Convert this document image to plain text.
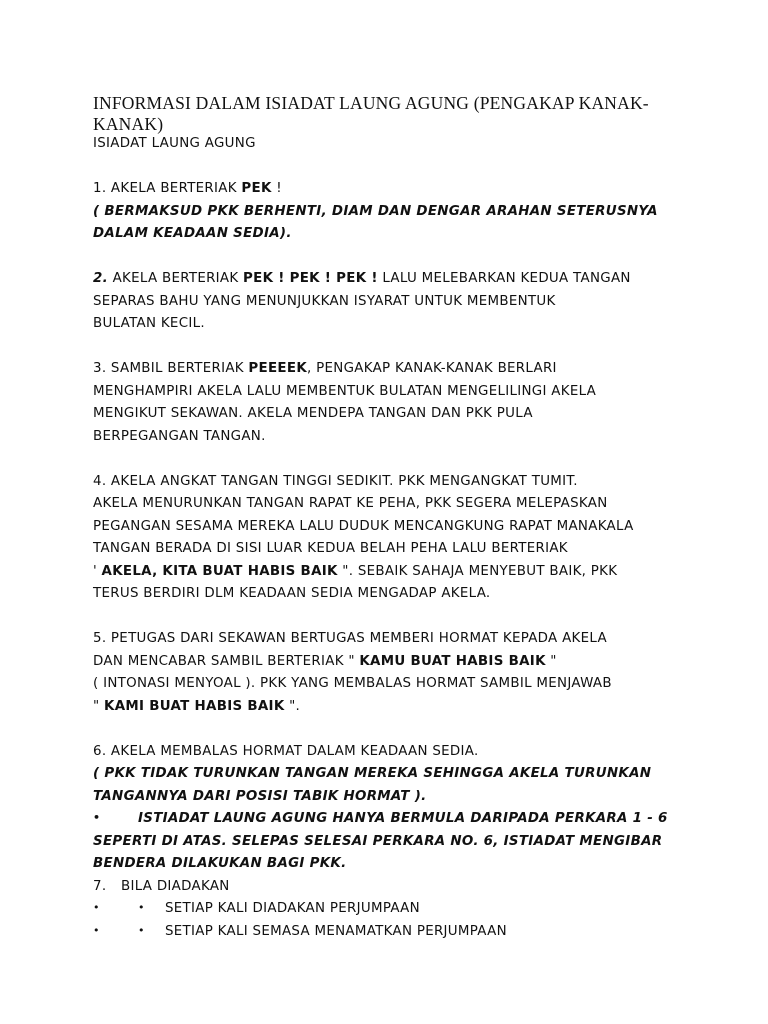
INFORMASI DALAM ISIADAT LAUNG AGUNG (PENGAKAP KANAK-KANAK)

ISIADAT LAUNG AGUNG

1. AKELA BERTERIAK PEK !

( BERMAKSUD PKK BERHENTI, DIAM DAN DENGAR ARAHAN SETERUSNYA

DALAM KEADAAN SEDIA).

2. AKELA BERTERIAK PEK ! PEK ! PEK ! LALU MELEBARKAN KEDUA TANGAN

SEPARAS BAHU YANG MENUNJUKKAN ISYARAT UNTUK MEMBENTUK

BULATAN KECIL.

3. SAMBIL BERTERIAK PEEEEK, PENGAKAP KANAK-KANAK BERLARI

MENGHAMPIRI AKELA LALU MEMBENTUK BULATAN MENGELILINGI AKELA

MENGIKUT SEKAWAN. AKELA MENDEPA TANGAN DAN PKK PULA

BERPEGANGAN TANGAN.

4. AKELA ANGKAT TANGAN TINGGI SEDIKIT. PKK MENGANGKAT TUMIT.

AKELA MENURUNKAN TANGAN RAPAT KE PEHA, PKK SEGERA MELEPASKAN

PEGANGAN SESAMA MEREKA LALU DUDUK MENCANGKUNG RAPAT MANAKALA

TANGAN BERADA DI SISI LUAR KEDUA BELAH PEHA LALU BERTERIAK

' AKELA, KITA BUAT HABIS BAIK ". SEBAIK SAHAJA MENYEBUT BAIK, PKK

TERUS BERDIRI DLM KEADAAN SEDIA MENGADAP AKELA.

5. PETUGAS DARI SEKAWAN BERTUGAS MEMBERI HORMAT KEPADA AKELA

DAN MENCABAR SAMBIL BERTERIAK " KAMU BUAT HABIS BAIK "

( INTONASI MENYOAL ). PKK YANG MEMBALAS HORMAT SAMBIL MENJAWAB

" KAMI BUAT HABIS BAIK ".

6. AKELA MEMBALAS HORMAT DALAM KEADAAN SEDIA.

( PKK TIDAK TURUNKAN TANGAN MEREKA SEHINGGA AKELA TURUNKAN

TANGANNYA DARI POSISI TABIK HORMAT ).

•	ISTIADAT LAUNG AGUNG HANYA BERMULA DARIPADA PERKARA 1 - 6

SEPERTI DI ATAS. SELEPAS SELESAI PERKARA NO. 6, ISTIADAT MENGIBAR

BENDERA DILAKUKAN BAGI PKK.

7. BILA DIADAKAN

•	• SETIAP KALI DIADAKAN PERJUMPAAN

•	• SETIAP KALI SEMASA MENAMATKAN PERJUMPAAN
